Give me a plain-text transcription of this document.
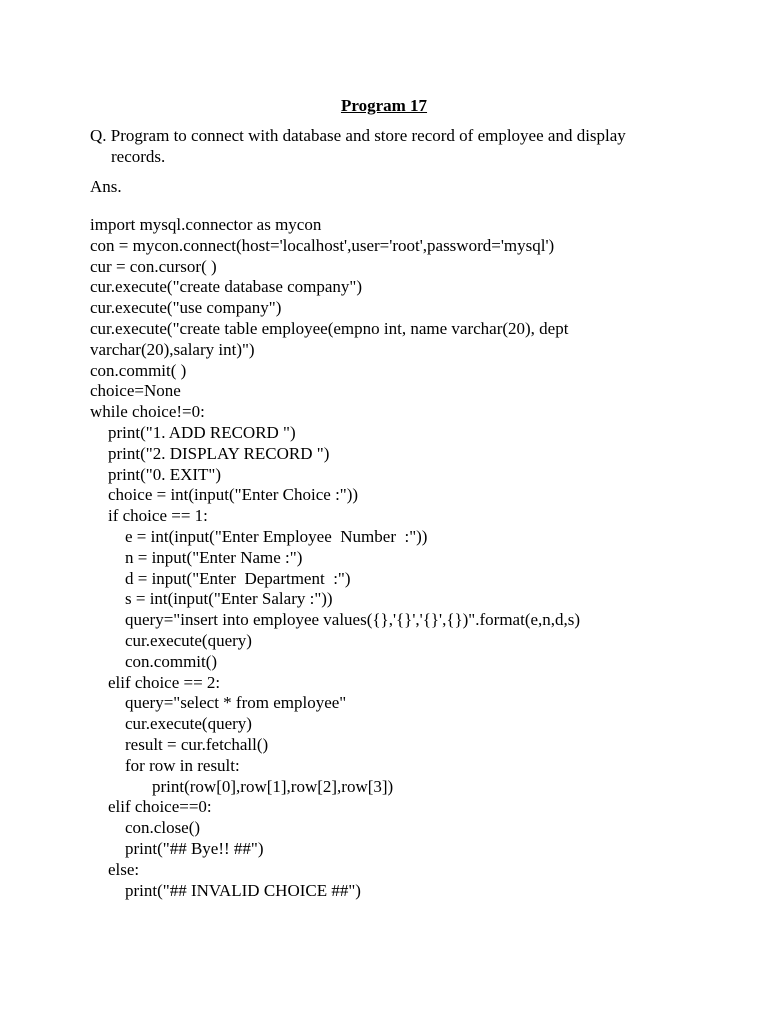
Program 17
Q. Program to connect with database and store record of employee and display
records.
Ans.
import mysql.connector as mycon
con = mycon.connect(host='localhost',user='root',password='mysql')
cur = con.cursor( )
cur.execute("create database company")
cur.execute("use company")
cur.execute("create table employee(empno int, name varchar(20), dept
varchar(20),salary int)")
con.commit( )
choice=None
while choice!=0:
print("1. ADD RECORD ")
print("2. DISPLAY RECORD ")
print("0. EXIT")
choice = int(input("Enter Choice :"))
if choice == 1:
e = int(input("Enter Employee  Number  :"))
n = input("Enter Name :")
d = input("Enter  Department  :")
s = int(input("Enter Salary :"))
query="insert into employee values({},'{}','{}',{})".format(e,n,d,s)
cur.execute(query)
con.commit()
elif choice == 2:
query="select * from employee"
cur.execute(query)
result = cur.fetchall()
for row in result:
print(row[0],row[1],row[2],row[3])
elif choice==0:
con.close()
print("## Bye!! ##")
else:
print("## INVALID CHOICE ##")
